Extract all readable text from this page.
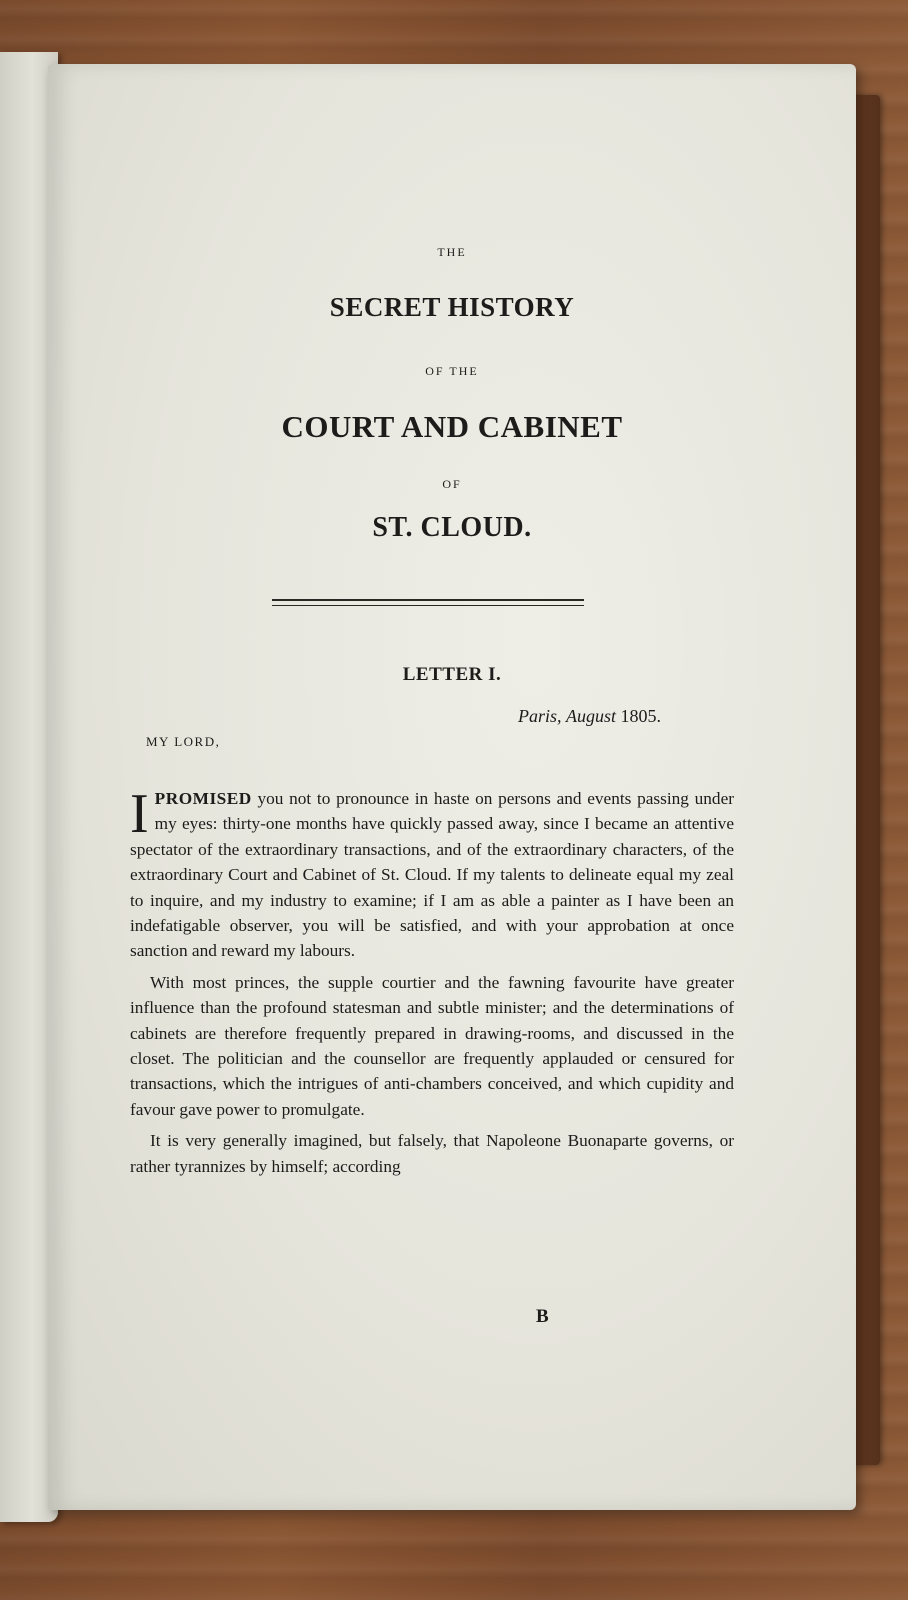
THE
SECRET HISTORY
OF THE
COURT AND CABINET
OF
ST. CLOUD.
LETTER I.
Paris, August 1805.
MY LORD,

IPROMISED you not to pronounce in haste on persons and events passing under my eyes: thirty-one months have quickly passed away, since I became an attentive spectator of the extraordinary transactions, and of the extraordinary characters, of the extraordinary Court and Cabinet of St. Cloud. If my talents to delineate equal my zeal to inquire, and my industry to examine; if I am as able a painter as I have been an indefatigable observer, you will be satisfied, and with your approbation at once sanction and reward my labours.

With most princes, the supple courtier and the fawning favourite have greater influence than the profound statesman and subtle minister; and the determinations of cabinets are therefore frequently prepared in drawing-rooms, and discussed in the closet. The politician and the counsellor are frequently applauded or censured for transactions, which the intrigues of anti-chambers conceived, and which cupidity and favour gave power to promulgate.

It is very generally imagined, but falsely, that Napoleone Buonaparte governs, or rather tyrannizes by himself; according

B
